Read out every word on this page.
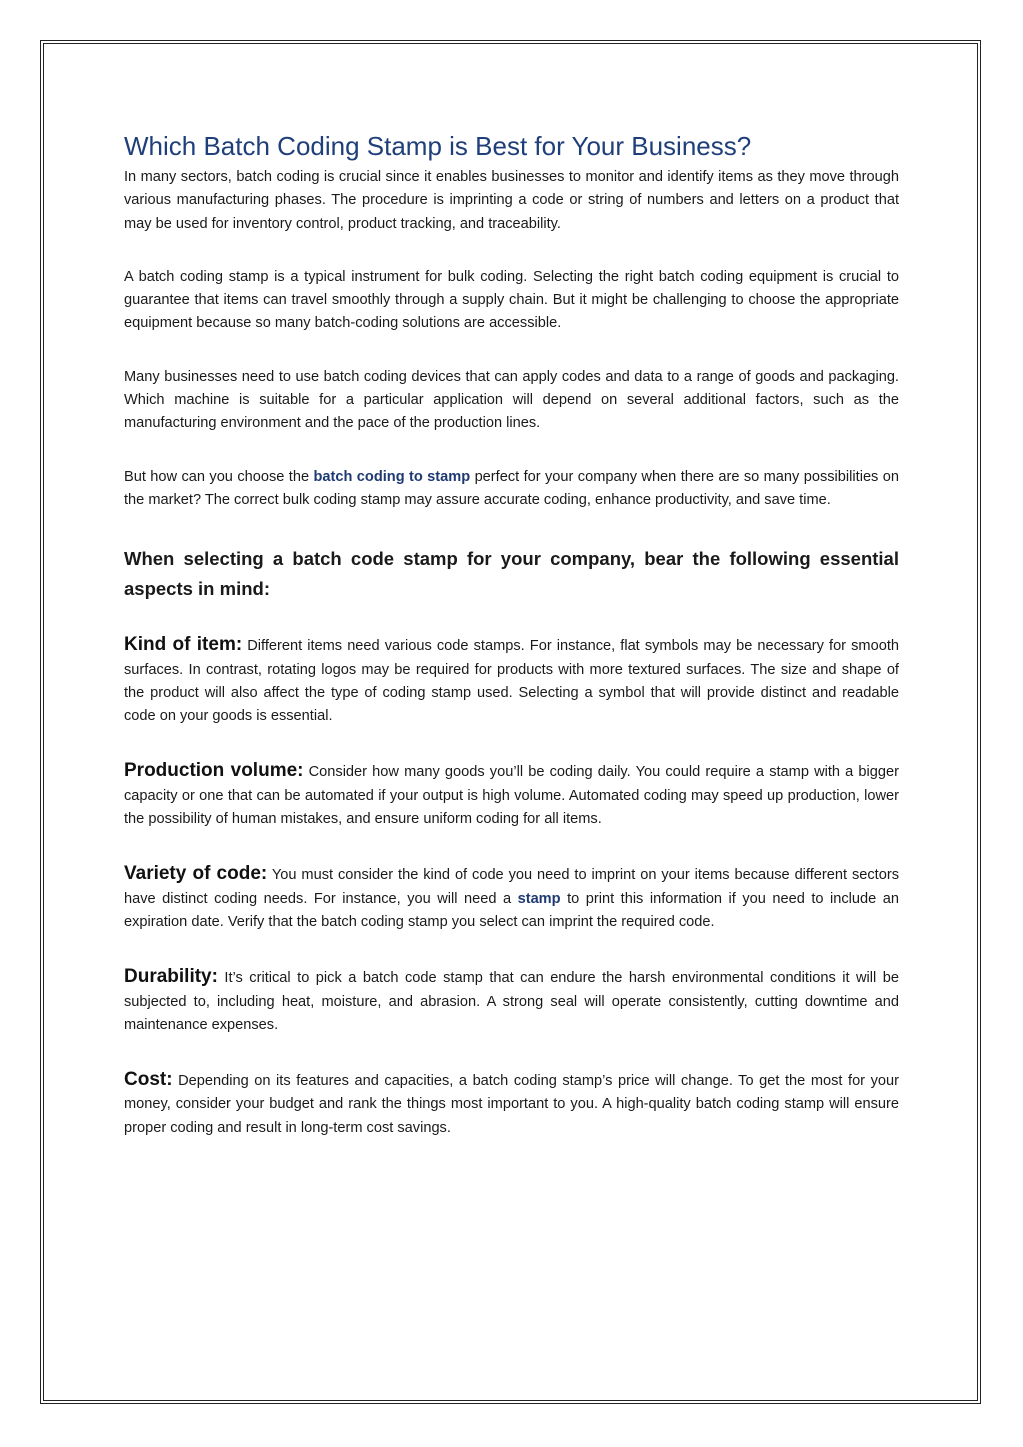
Which Batch Coding Stamp is Best for Your Business?

In many sectors, batch coding is crucial since it enables businesses to monitor and identify items as they move through various manufacturing phases. The procedure is imprinting a code or string of numbers and letters on a product that may be used for inventory control, product tracking, and traceability.

A batch coding stamp is a typical instrument for bulk coding. Selecting the right batch coding equipment is crucial to guarantee that items can travel smoothly through a supply chain. But it might be challenging to choose the appropriate equipment because so many batch-coding solutions are accessible.

Many businesses need to use batch coding devices that can apply codes and data to a range of goods and packaging. Which machine is suitable for a particular application will depend on several additional factors, such as the manufacturing environment and the pace of the production lines.

But how can you choose the batch coding to stamp perfect for your company when there are so many possibilities on the market? The correct bulk coding stamp may assure accurate coding, enhance productivity, and save time.

When selecting a batch code stamp for your company, bear the following essential aspects in mind:

Kind of item: Different items need various code stamps. For instance, flat symbols may be necessary for smooth surfaces. In contrast, rotating logos may be required for products with more textured surfaces. The size and shape of the product will also affect the type of coding stamp used. Selecting a symbol that will provide distinct and readable code on your goods is essential.

Production volume: Consider how many goods you’ll be coding daily. You could require a stamp with a bigger capacity or one that can be automated if your output is high volume. Automated coding may speed up production, lower the possibility of human mistakes, and ensure uniform coding for all items.

Variety of code: You must consider the kind of code you need to imprint on your items because different sectors have distinct coding needs. For instance, you will need a stamp to print this information if you need to include an expiration date. Verify that the batch coding stamp you select can imprint the required code.

Durability: It’s critical to pick a batch code stamp that can endure the harsh environmental conditions it will be subjected to, including heat, moisture, and abrasion. A strong seal will operate consistently, cutting downtime and maintenance expenses.

Cost: Depending on its features and capacities, a batch coding stamp’s price will change. To get the most for your money, consider your budget and rank the things most important to you. A high-quality batch coding stamp will ensure proper coding and result in long-term cost savings.
